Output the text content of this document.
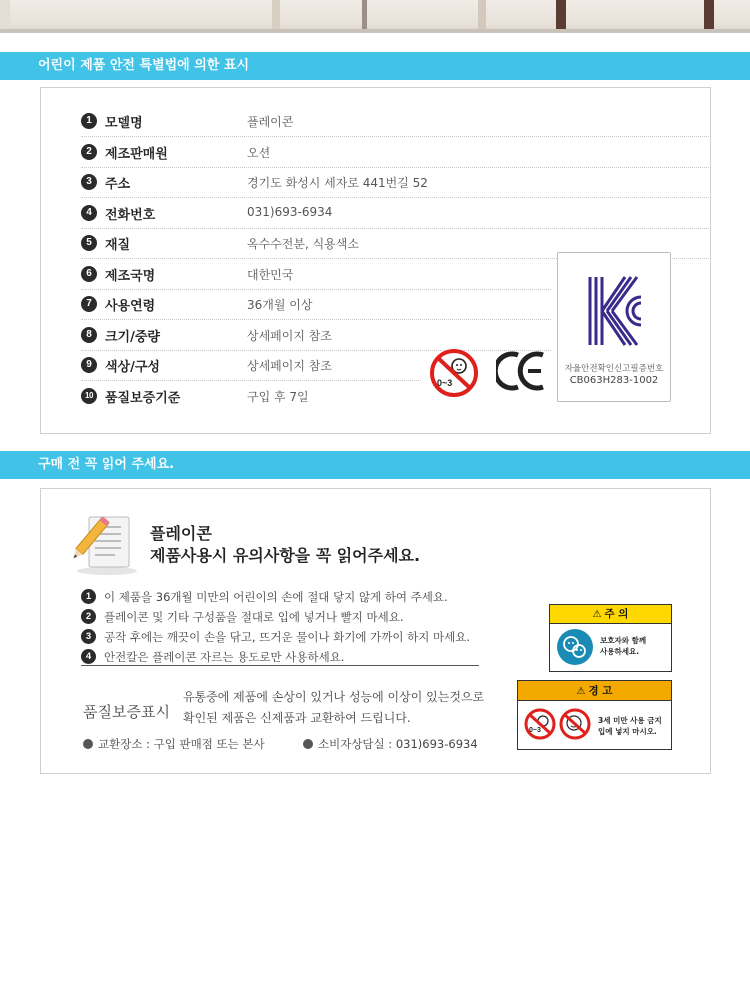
어린이 제품 안전 특별법에 의한 표시
1	모델명	플레이콘
2	제조판매원	오션
3	주소	경기도 화성시 세자로 441번길 52
4	전화번호	031)693-6934
5	재질	옥수수전분, 식용색소
6	제조국명	대한민국
7	사용연령	36개월 이상
8	크기/중량	상세페이지 참조
9	색상/구성	상세페이지 참조
10 품질보증기준	구입 후 7일
자율안전확인신고필증번호
CB063H283-1002
0~3
구매 전 꼭 읽어 주세요.
플레이콘
제품사용시 유의사항을 꼭 읽어주세요.
1	이 제품을 36개월 미만의 어린이의 손에 절대 닿지 않게 하여 주세요.
2	플레이콘 및 기타 구성품을 절대로 입에 넣거나 빨지 마세요.
3	공작 후에는 깨끗이 손을 닦고, 뜨거운 물이나 화기에 가까이 하지 마세요.
4	안전칼은 플레이콘 자르는 용도로만 사용하세요.
품질보증표시
유통중에 제품에 손상이 있거나 성능에 이상이 있는것으로
확인된 제품은 신제품과 교환하여 드립니다.
교환장소 : 구입 판매점 또는 본사	소비자상담실 : 031)693-6934
⚠ 주 의
보호자와 함께
사용하세요.
⚠ 경 고
0~3
3세 미만 사용 금지
입에 넣지 마시오.
